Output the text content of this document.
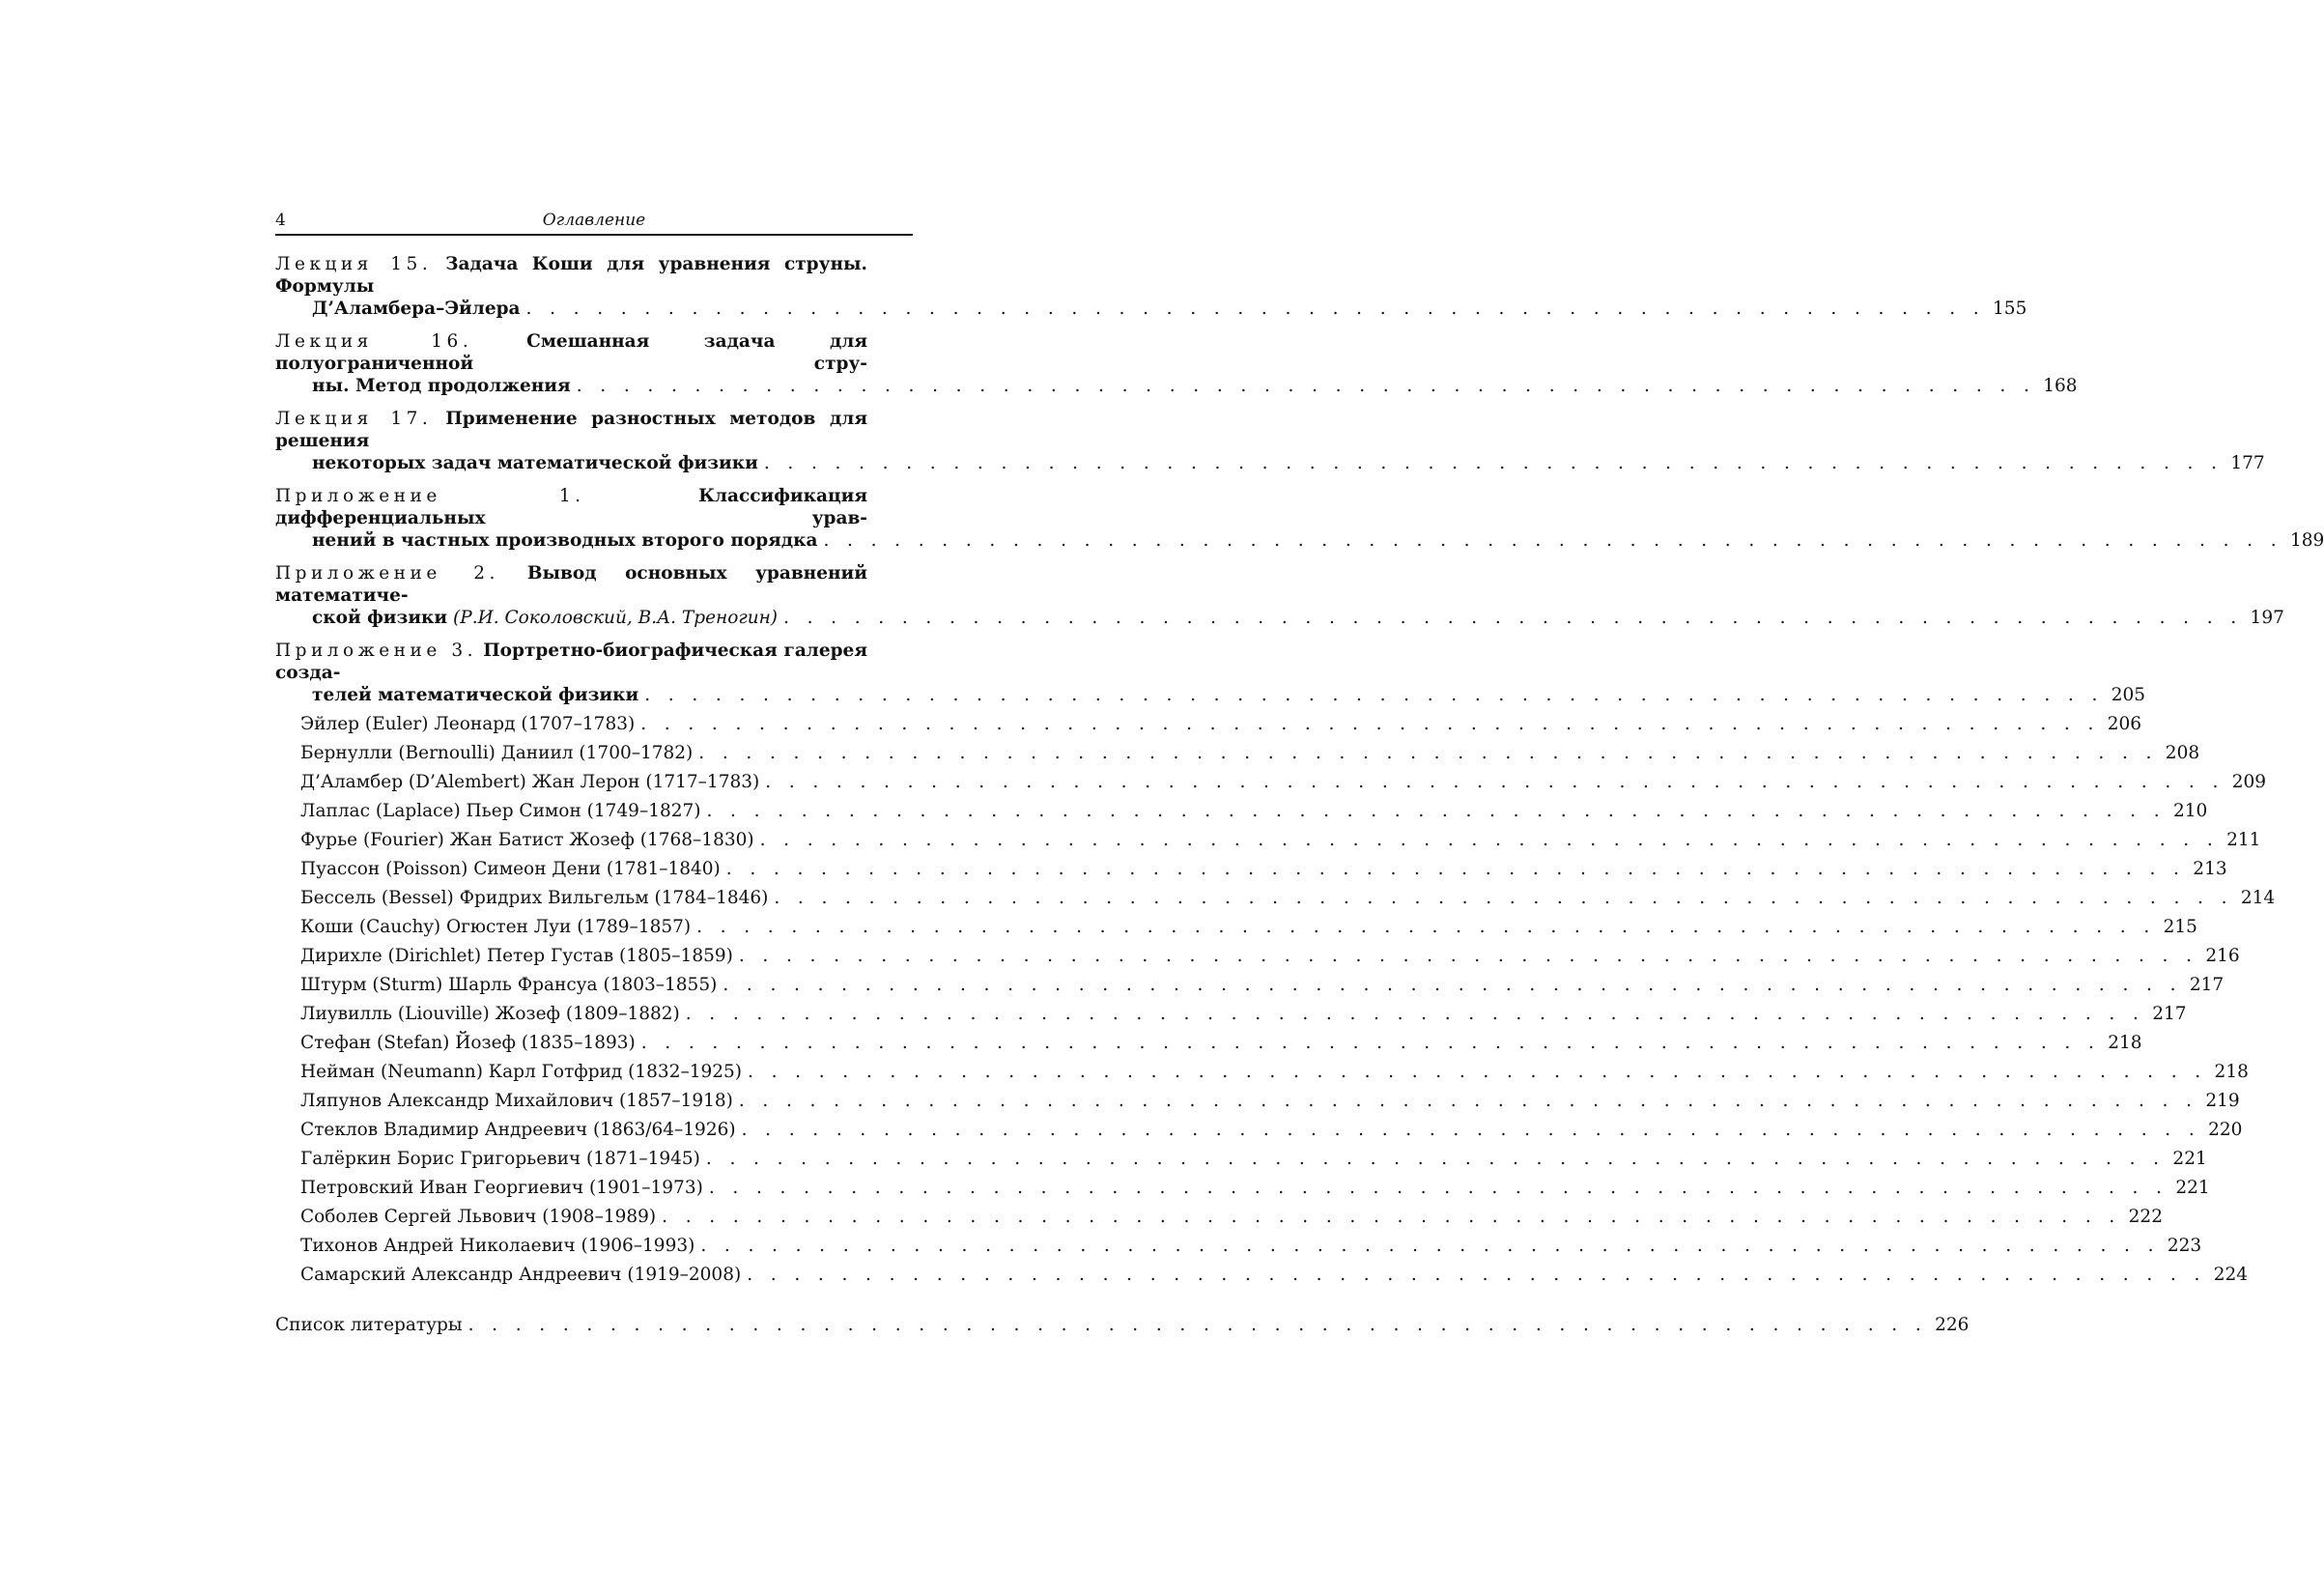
4	Оглавление
Лекция 15. Задача Коши для уравнения струны. Формулы
Д’Аламбера–Эйлера . . . . . . . . . . . . . . . . . . . . . . . . . . . . . . . . . . . . . . . . . . . . . . . . . . . . . . . . . . . . . . 155
Лекция 16.	Смешанная задача для полуограниченной стру-
ны. Метод продолжения . . . . . . . . . . . . . . . . . . . . . . . . . . . . . . . . . . . . . . . . . . . . . . . . . . . . . . . . . . . . . . 168
Лекция 17. Применение разностных методов для решения
некоторых задач математической физики . . . . . . . . . . . . . . . . . . . . . . . . . . . . . . . . . . . . . . . . . . . . . . . . . . . . . . . . . . . . . . 177
Приложение 1.	Классификация дифференциальных урав-
нений в частных производных второго порядка . . . . . . . . . . . . . . . . . . . . . . . . . . . . . . . . . . . . . . . . . . . . . . . . . . . . . . . . . . . . . . 189
Приложение 2. Вывод основных уравнений математиче-
ской физики (Р.И. Соколовский, В.А. Треногин) . . . . . . . . . . . . . . . . . . . . . . . . . . . . . . . . . . . . . . . . . . . . . . . . . . . . . . . . . . . . . . 197
Приложение 3. Портретно-биографическая галерея созда-
телей математической физики . . . . . . . . . . . . . . . . . . . . . . . . . . . . . . . . . . . . . . . . . . . . . . . . . . . . . . . . . . . . . . 205
Эйлер (Euler) Леонард (1707–1783) . . . . . . . . . . . . . . . . . . . . . . . . . . . . . . . . . . . . . . . . . . . . . . . . . . . . . . . . . . . . . . 206
Бернулли (Bernoulli) Даниил (1700–1782) . . . . . . . . . . . . . . . . . . . . . . . . . . . . . . . . . . . . . . . . . . . . . . . . . . . . . . . . . . . . . . 208
Д’Аламбер (D’Alembert) Жан Лерон (1717–1783) . . . . . . . . . . . . . . . . . . . . . . . . . . . . . . . . . . . . . . . . . . . . . . . . . . . . . . . . . . . . . . 209
Лаплас (Laplace) Пьер Симон (1749–1827) . . . . . . . . . . . . . . . . . . . . . . . . . . . . . . . . . . . . . . . . . . . . . . . . . . . . . . . . . . . . . . 210
Фурье (Fourier) Жан Батист Жозеф (1768–1830) . . . . . . . . . . . . . . . . . . . . . . . . . . . . . . . . . . . . . . . . . . . . . . . . . . . . . . . . . . . . . . 211
Пуассон (Poisson) Симеон Дени (1781–1840) . . . . . . . . . . . . . . . . . . . . . . . . . . . . . . . . . . . . . . . . . . . . . . . . . . . . . . . . . . . . . . 213
Бессель (Bessel) Фридрих Вильгельм (1784–1846) . . . . . . . . . . . . . . . . . . . . . . . . . . . . . . . . . . . . . . . . . . . . . . . . . . . . . . . . . . . . . . 214
Коши (Cauchy) Огюстен Луи (1789–1857) . . . . . . . . . . . . . . . . . . . . . . . . . . . . . . . . . . . . . . . . . . . . . . . . . . . . . . . . . . . . . . 215
Дирихле (Dirichlet) Петер Густав (1805–1859) . . . . . . . . . . . . . . . . . . . . . . . . . . . . . . . . . . . . . . . . . . . . . . . . . . . . . . . . . . . . . . 216
Штурм (Sturm) Шарль Франсуа (1803–1855) . . . . . . . . . . . . . . . . . . . . . . . . . . . . . . . . . . . . . . . . . . . . . . . . . . . . . . . . . . . . . . 217
Лиувилль (Liouville) Жозеф (1809–1882) . . . . . . . . . . . . . . . . . . . . . . . . . . . . . . . . . . . . . . . . . . . . . . . . . . . . . . . . . . . . . . 217
Стефан (Stefan) Йозеф (1835–1893) . . . . . . . . . . . . . . . . . . . . . . . . . . . . . . . . . . . . . . . . . . . . . . . . . . . . . . . . . . . . . . 218
Нейман (Neumann) Карл Готфрид (1832–1925) . . . . . . . . . . . . . . . . . . . . . . . . . . . . . . . . . . . . . . . . . . . . . . . . . . . . . . . . . . . . . . 218
Ляпунов Александр Михайлович (1857–1918) . . . . . . . . . . . . . . . . . . . . . . . . . . . . . . . . . . . . . . . . . . . . . . . . . . . . . . . . . . . . . . 219
Стеклов Владимир Андреевич (1863/64–1926) . . . . . . . . . . . . . . . . . . . . . . . . . . . . . . . . . . . . . . . . . . . . . . . . . . . . . . . . . . . . . . 220
Галёркин Борис Григорьевич (1871–1945) . . . . . . . . . . . . . . . . . . . . . . . . . . . . . . . . . . . . . . . . . . . . . . . . . . . . . . . . . . . . . . 221
Петровский Иван Георгиевич (1901–1973) . . . . . . . . . . . . . . . . . . . . . . . . . . . . . . . . . . . . . . . . . . . . . . . . . . . . . . . . . . . . . . 221
Соболев Сергей Львович (1908–1989) . . . . . . . . . . . . . . . . . . . . . . . . . . . . . . . . . . . . . . . . . . . . . . . . . . . . . . . . . . . . . . 222
Тихонов Андрей Николаевич (1906–1993) . . . . . . . . . . . . . . . . . . . . . . . . . . . . . . . . . . . . . . . . . . . . . . . . . . . . . . . . . . . . . . 223
Самарский Александр Андреевич (1919–2008) . . . . . . . . . . . . . . . . . . . . . . . . . . . . . . . . . . . . . . . . . . . . . . . . . . . . . . . . . . . . . . 224
Список литературы . . . . . . . . . . . . . . . . . . . . . . . . . . . . . . . . . . . . . . . . . . . . . . . . . . . . . . . . . . . . . . 226
